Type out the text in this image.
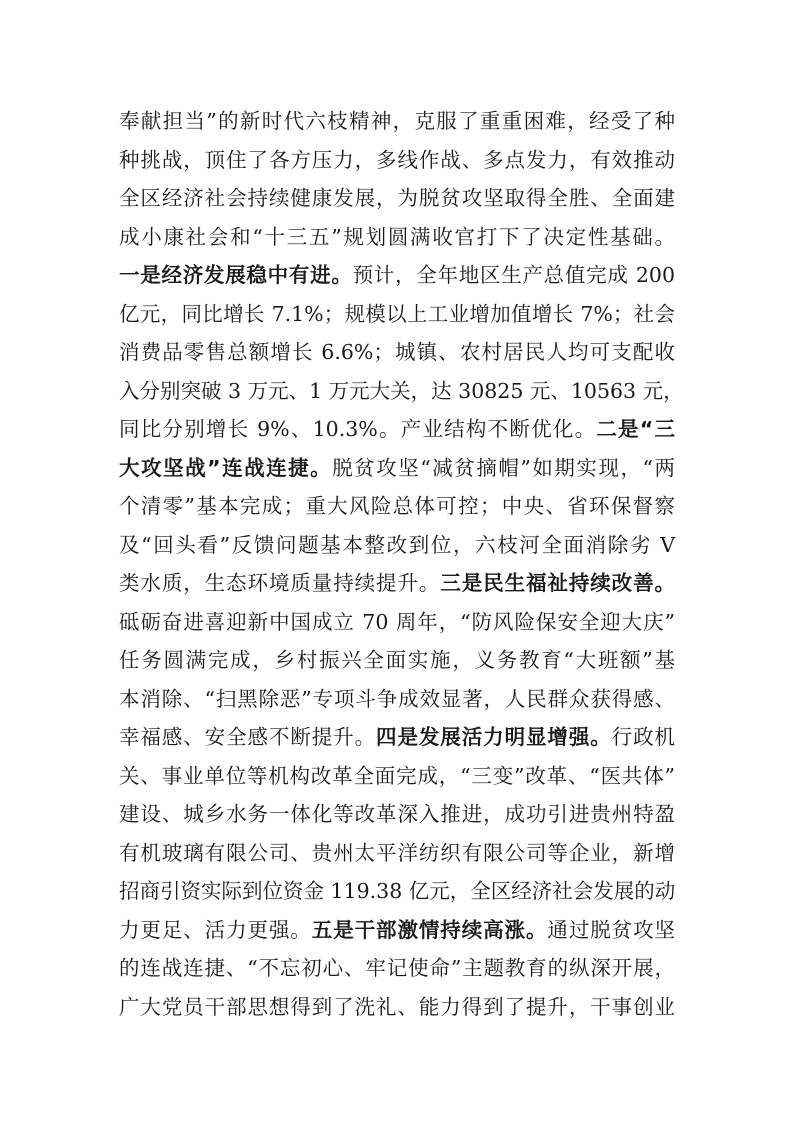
奉献担当”的新时代六枝精神，克服了重重困难，经受了种
种挑战，顶住了各方压力，多线作战、多点发力，有效推动
全区经济社会持续健康发展，为脱贫攻坚取得全胜、全面建
成小康社会和“十三五”规划圆满收官打下了决定性基础。
一是经济发展稳中有进。预计，全年地区生产总值完成 200
亿元，同比增长 7.1%；规模以上工业增加值增长 7%；社会
消费品零售总额增长 6.6%；城镇、农村居民人均可支配收
入分别突破 3 万元、1 万元大关，达 30825 元、10563 元，
同比分别增长 9%、10.3%。产业结构不断优化。二是“三
大攻坚战”连战连捷。脱贫攻坚“减贫摘帽”如期实现，“两
个清零”基本完成；重大风险总体可控；中央、省环保督察
及“回头看”反馈问题基本整改到位，六枝河全面消除劣 V
类水质，生态环境质量持续提升。三是民生福祉持续改善。
砥砺奋进喜迎新中国成立 70 周年，“防风险保安全迎大庆”
任务圆满完成，乡村振兴全面实施，义务教育“大班额”基
本消除、“扫黑除恶”专项斗争成效显著，人民群众获得感、
幸福感、安全感不断提升。四是发展活力明显增强。行政机
关、事业单位等机构改革全面完成，“三变”改革、“医共体”
建设、城乡水务一体化等改革深入推进，成功引进贵州特盈
有机玻璃有限公司、贵州太平洋纺织有限公司等企业，新增
招商引资实际到位资金 119.38 亿元，全区经济社会发展的动
力更足、活力更强。五是干部激情持续高涨。通过脱贫攻坚
的连战连捷、“不忘初心、牢记使命”主题教育的纵深开展，
广大党员干部思想得到了洗礼、能力得到了提升，干事创业
